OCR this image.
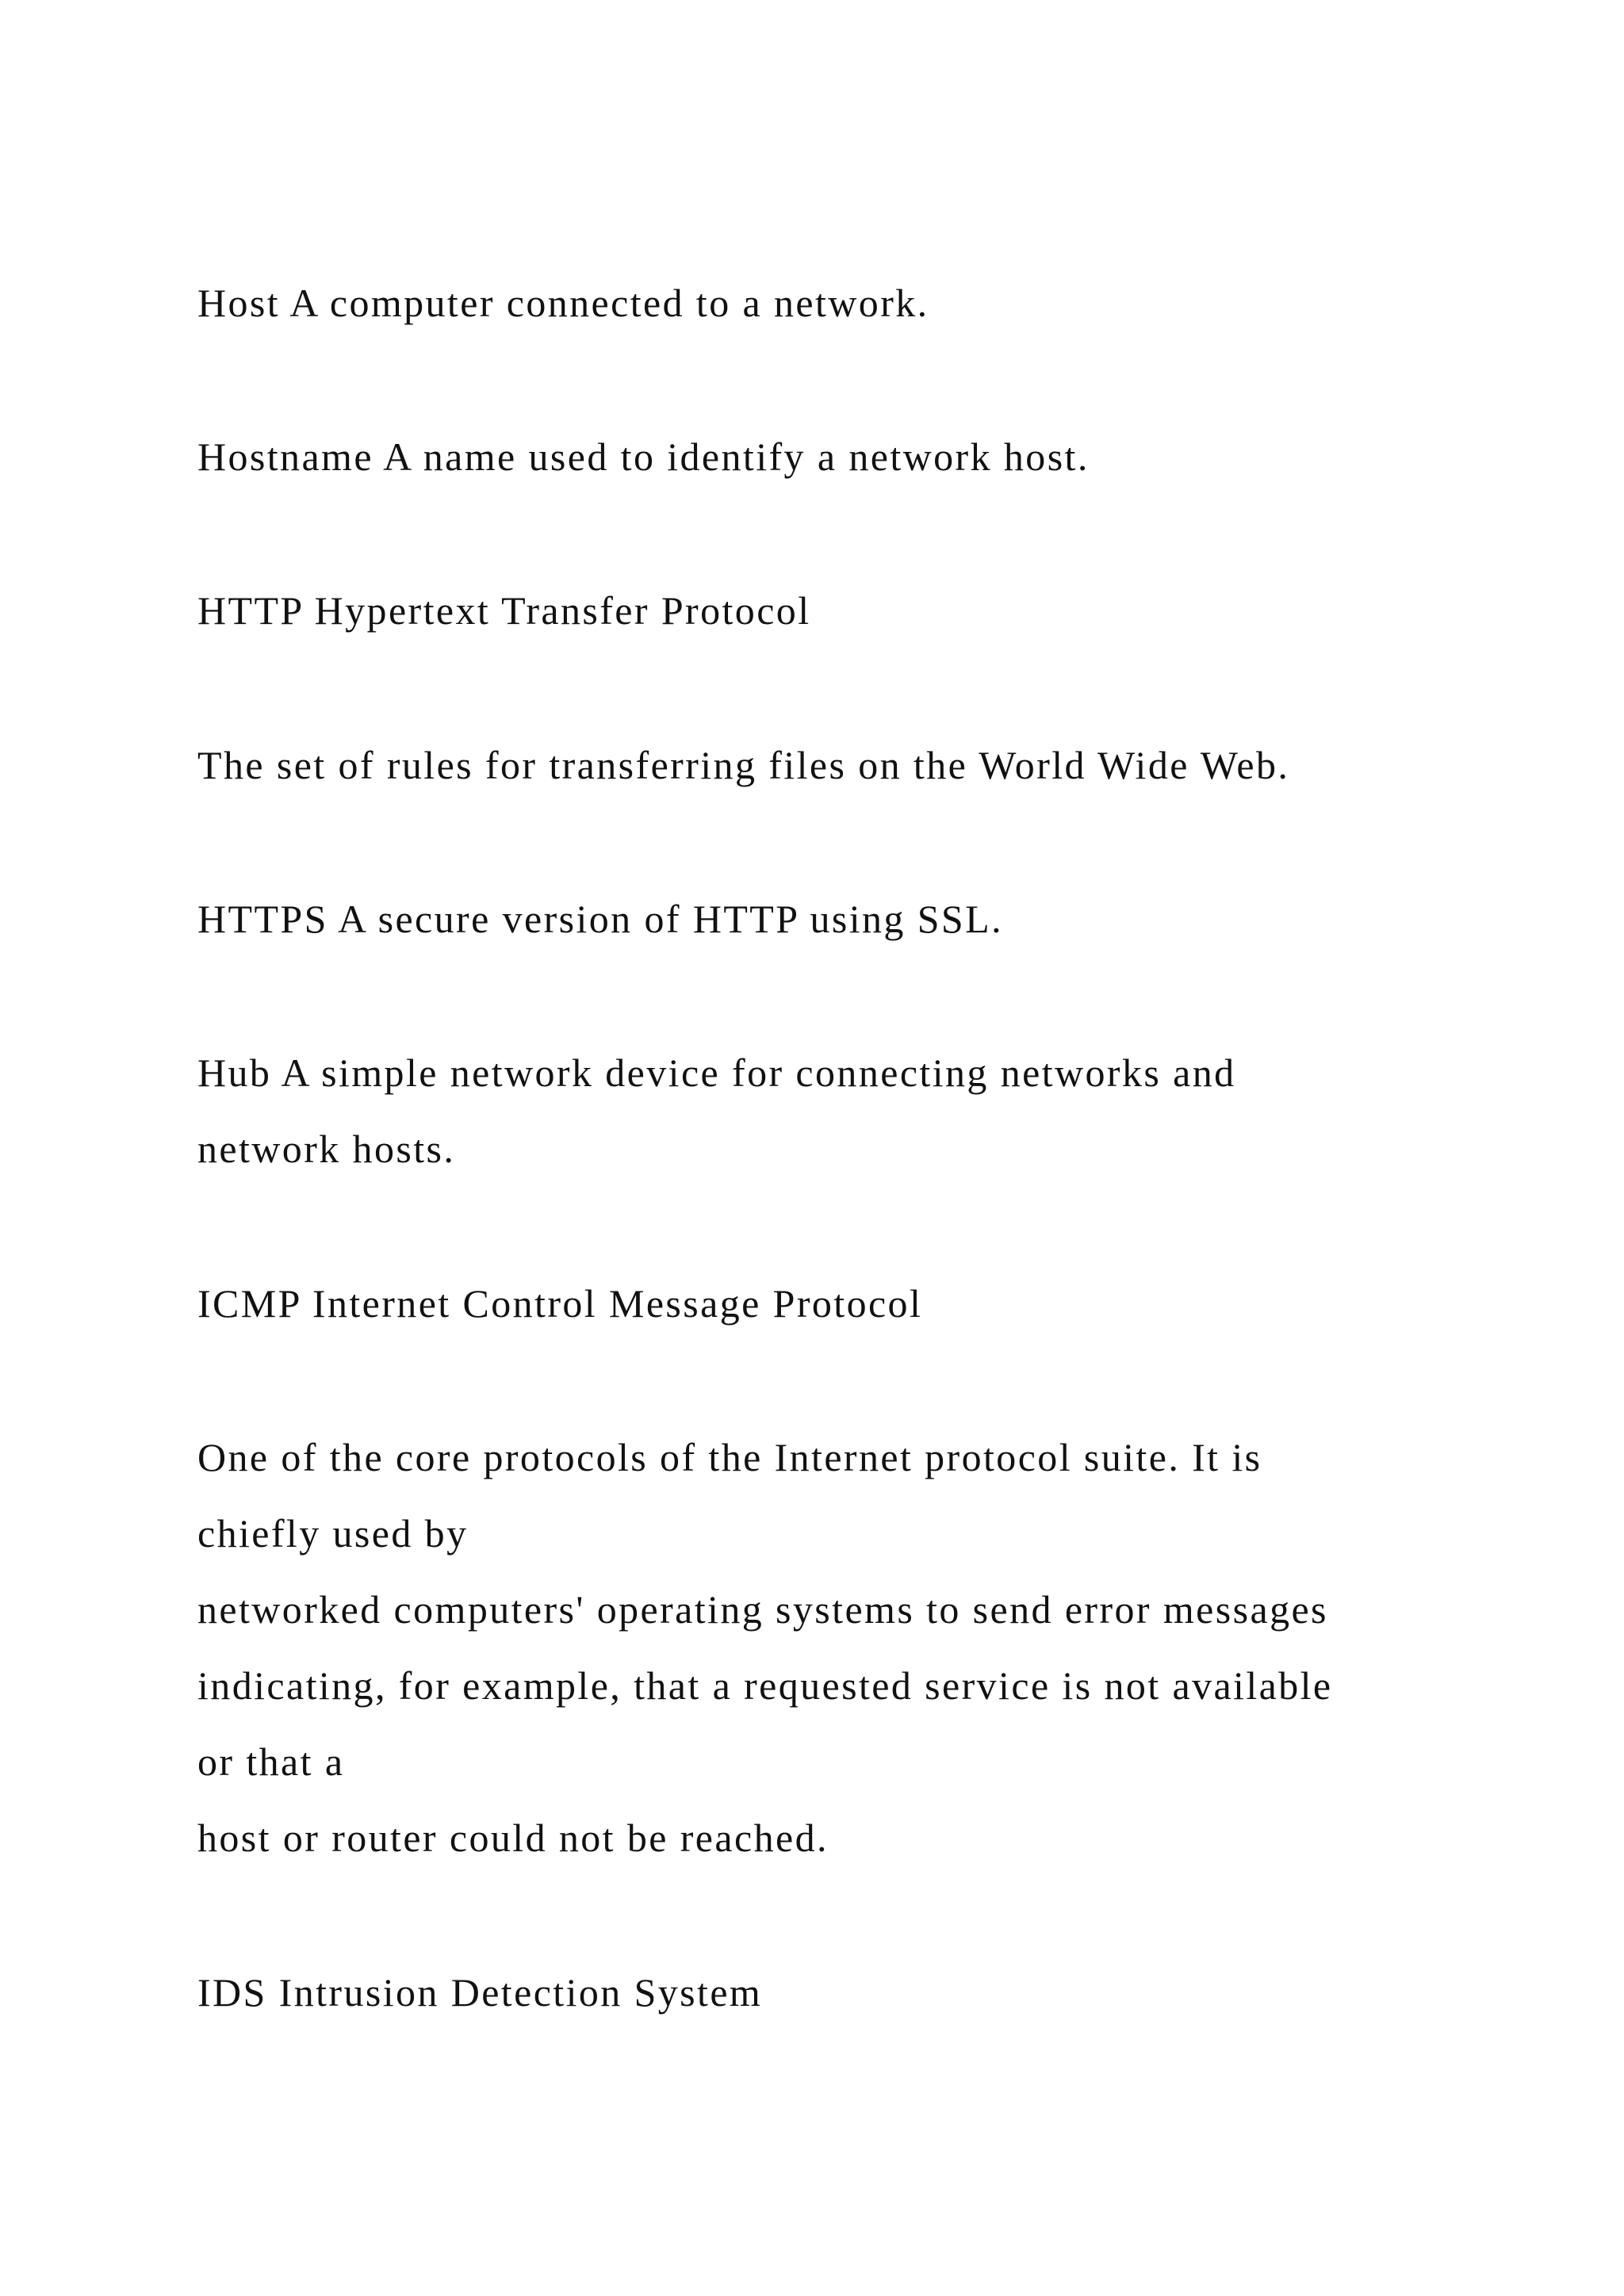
Host A computer connected to a network.

Hostname A name used to identify a network host.

HTTP Hypertext Transfer Protocol

The set of rules for transferring files on the World Wide Web.

HTTPS A secure version of HTTP using SSL.

Hub A simple network device for connecting networks and

network hosts.

ICMP Internet Control Message Protocol

One of the core protocols of the Internet protocol suite. It is

chiefly used by

networked computers' operating systems to send error messages

indicating, for example, that a requested service is not available

or that a

host or router could not be reached.

IDS Intrusion Detection System
